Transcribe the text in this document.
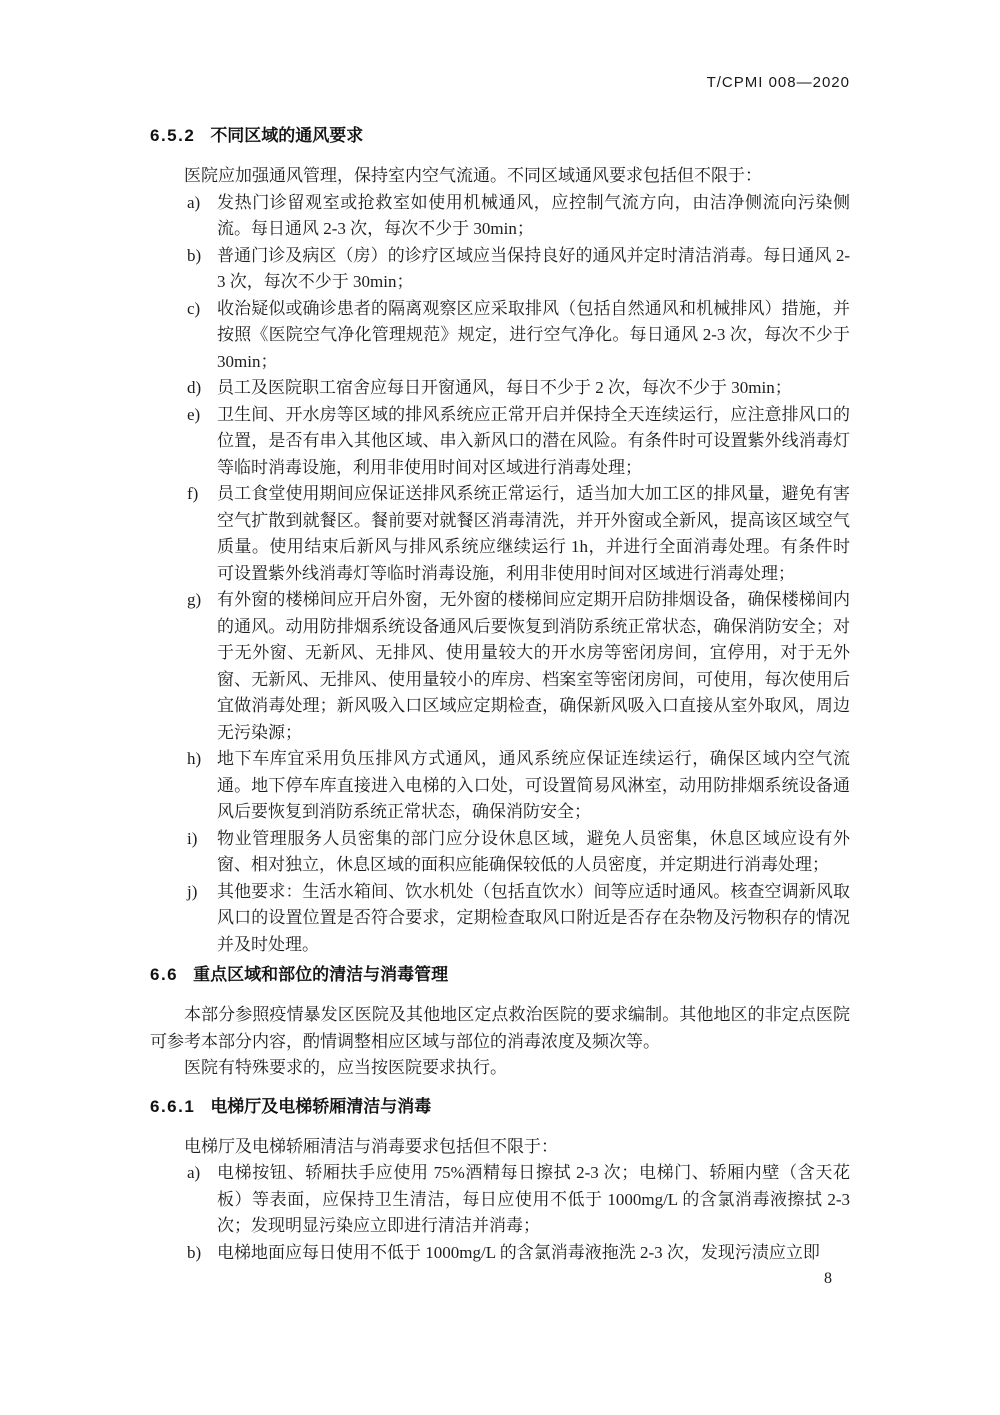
T/CPMI 008—2020
6.5.2 不同区域的通风要求

医院应加强通风管理，保持室内空气流通。不同区域通风要求包括但不限于：

a) 发热门诊留观室或抢救室如使用机械通风，应控制气流方向，由洁净侧流向污染侧流。每日通风 2-3 次，每次不少于 30min；
b) 普通门诊及病区（房）的诊疗区域应当保持良好的通风并定时清洁消毒。每日通风 2-3 次，每次不少于 30min；
c) 收治疑似或确诊患者的隔离观察区应采取排风（包括自然通风和机械排风）措施，并按照《医院空气净化管理规范》规定，进行空气净化。每日通风 2-3 次，每次不少于 30min；
d) 员工及医院职工宿舍应每日开窗通风，每日不少于 2 次，每次不少于 30min；
e) 卫生间、开水房等区域的排风系统应正常开启并保持全天连续运行，应注意排风口的位置，是否有串入其他区域、串入新风口的潜在风险。有条件时可设置紫外线消毒灯等临时消毒设施，利用非使用时间对区域进行消毒处理；
f)	员工食堂使用期间应保证送排风系统正常运行，适当加大加工区的排风量，避免有害空气扩散到就餐区。餐前要对就餐区消毒清洗，并开外窗或全新风，提高该区域空气质量。使用结束后新风与排风系统应继续运行 1h，并进行全面消毒处理。有条件时可设置紫外线消毒灯等临时消毒设施，利用非使用时间对区域进行消毒处理；
g) 有外窗的楼梯间应开启外窗，无外窗的楼梯间应定期开启防排烟设备，确保楼梯间内的通风。动用防排烟系统设备通风后要恢复到消防系统正常状态，确保消防安全；对于无外窗、无新风、无排风、使用量较大的开水房等密闭房间，宜停用，对于无外窗、无新风、无排风、使用量较小的库房、档案室等密闭房间，可使用，每次使用后宜做消毒处理；新风吸入口区域应定期检查，确保新风吸入口直接从室外取风，周边无污染源；
h) 地下车库宜采用负压排风方式通风，通风系统应保证连续运行，确保区域内空气流通。地下停车库直接进入电梯的入口处，可设置简易风淋室，动用防排烟系统设备通风后要恢复到消防系统正常状态，确保消防安全；
i)	物业管理服务人员密集的部门应分设休息区域，避免人员密集，休息区域应设有外窗、相对独立，休息区域的面积应能确保较低的人员密度，并定期进行消毒处理；
j)	其他要求：生活水箱间、饮水机处（包括直饮水）间等应适时通风。核查空调新风取风口的设置位置是否符合要求，定期检查取风口附近是否存在杂物及污物积存的情况并及时处理。
6.6 重点区域和部位的清洁与消毒管理

本部分参照疫情暴发区医院及其他地区定点救治医院的要求编制。其他地区的非定点医院可参考本部分内容，酌情调整相应区域与部位的消毒浓度及频次等。

医院有特殊要求的，应当按医院要求执行。

6.6.1 电梯厅及电梯轿厢清洁与消毒

电梯厅及电梯轿厢清洁与消毒要求包括但不限于：

a) 电梯按钮、轿厢扶手应使用 75%酒精每日擦拭 2-3 次；电梯门、轿厢内壁（含天花板）等表面，应保持卫生清洁，每日应使用不低于 1000mg/L 的含氯消毒液擦拭 2-3 次；发现明显污染应立即进行清洁并消毒；
b) 电梯地面应每日使用不低于 1000mg/L 的含氯消毒液拖洗 2-3 次，发现污渍应立即
8
